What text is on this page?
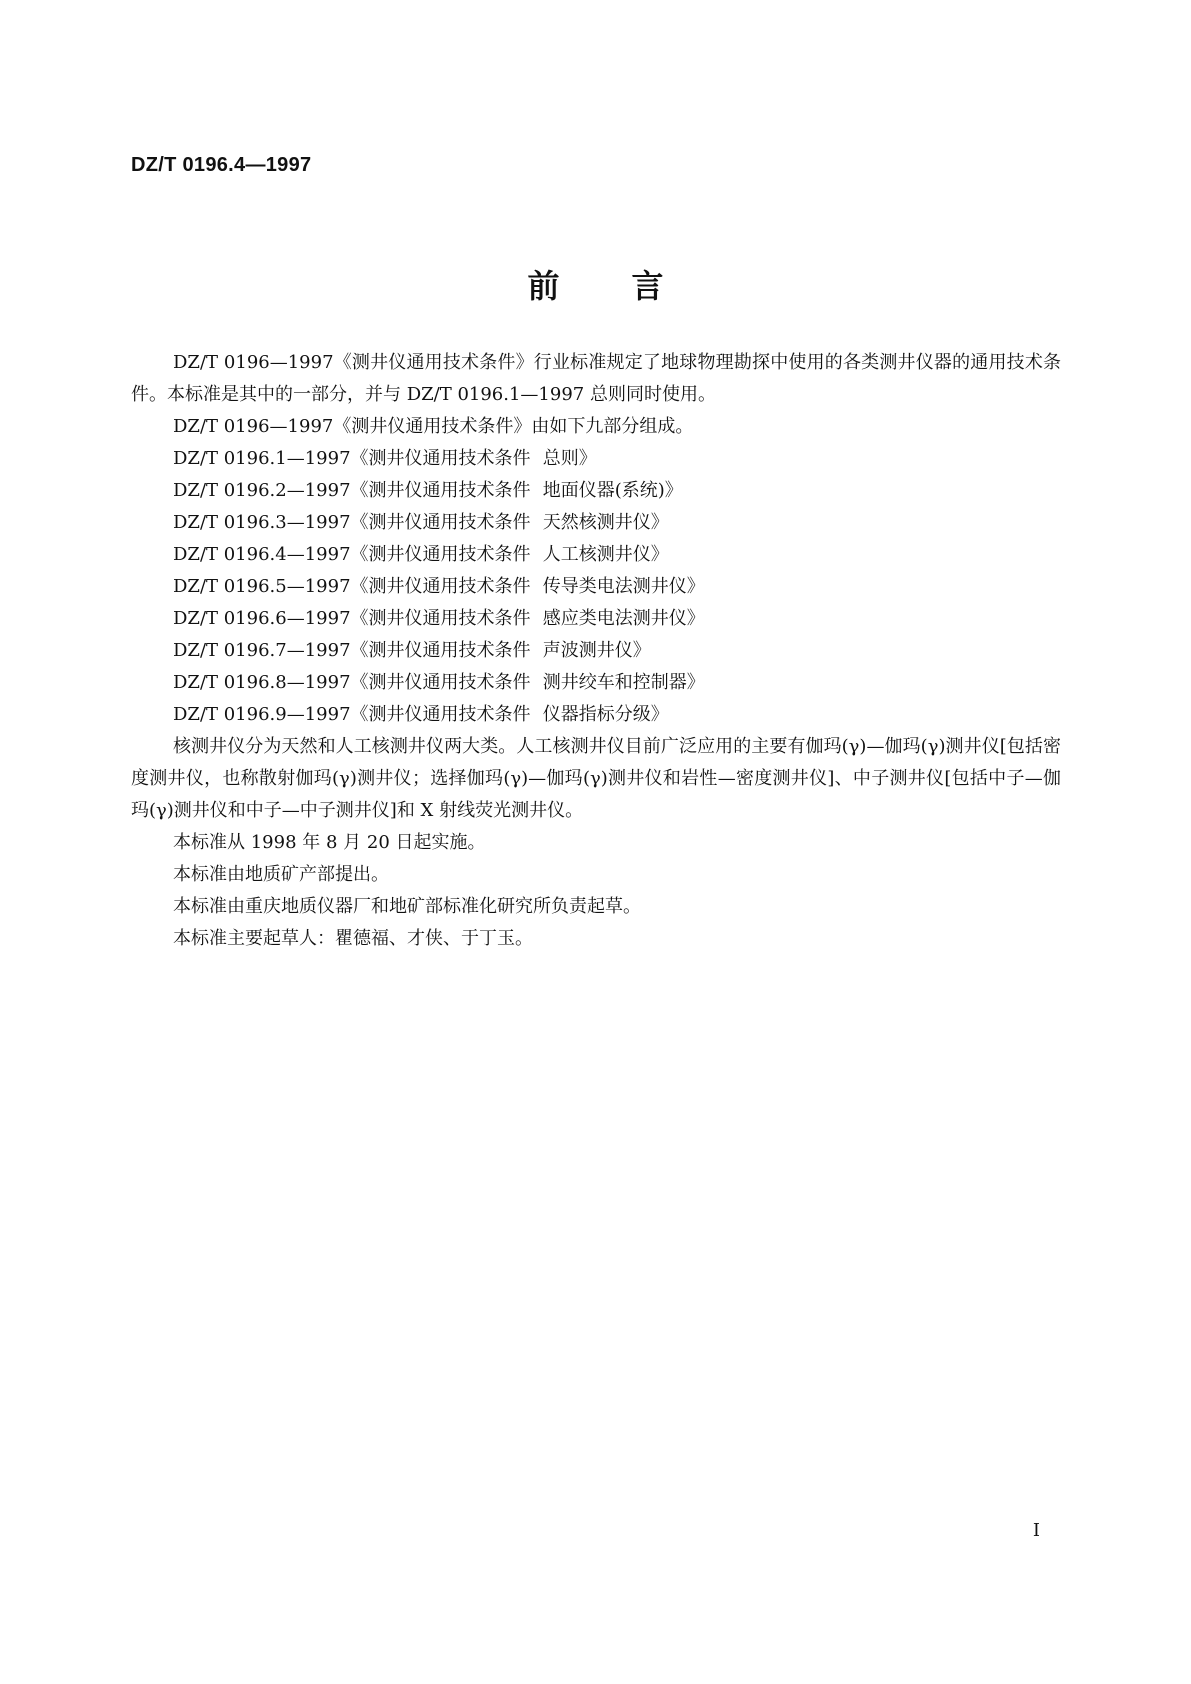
DZ/T 0196.4—1997
前言

DZ/T 0196—1997《测井仪通用技术条件》行业标准规定了地球物理勘探中使用的各类测井仪器的通用技术条件。本标准是其中的一部分，并与 DZ/T 0196.1—1997 总则同时使用。

DZ/T 0196—1997《测井仪通用技术条件》由如下九部分组成。

DZ/T 0196.1—1997《测井仪通用技术条件 总则》
DZ/T 0196.2—1997《测井仪通用技术条件 地面仪器(系统)》
DZ/T 0196.3—1997《测井仪通用技术条件 天然核测井仪》
DZ/T 0196.4—1997《测井仪通用技术条件 人工核测井仪》
DZ/T 0196.5—1997《测井仪通用技术条件 传导类电法测井仪》
DZ/T 0196.6—1997《测井仪通用技术条件 感应类电法测井仪》
DZ/T 0196.7—1997《测井仪通用技术条件 声波测井仪》
DZ/T 0196.8—1997《测井仪通用技术条件 测井绞车和控制器》
DZ/T 0196.9—1997《测井仪通用技术条件 仪器指标分级》

核测井仪分为天然和人工核测井仪两大类。人工核测井仪目前广泛应用的主要有伽玛(γ)—伽玛(γ)测井仪[包括密度测井仪，也称散射伽玛(γ)测井仪；选择伽玛(γ)—伽玛(γ)测井仪和岩性—密度测井仪]、中子测井仪[包括中子—伽玛(γ)测井仪和中子—中子测井仪]和 X 射线荧光测井仪。

本标准从 1998 年 8 月 20 日起实施。

本标准由地质矿产部提出。

本标准由重庆地质仪器厂和地矿部标准化研究所负责起草。

本标准主要起草人：瞿德福、才侠、于丁玉。

I
